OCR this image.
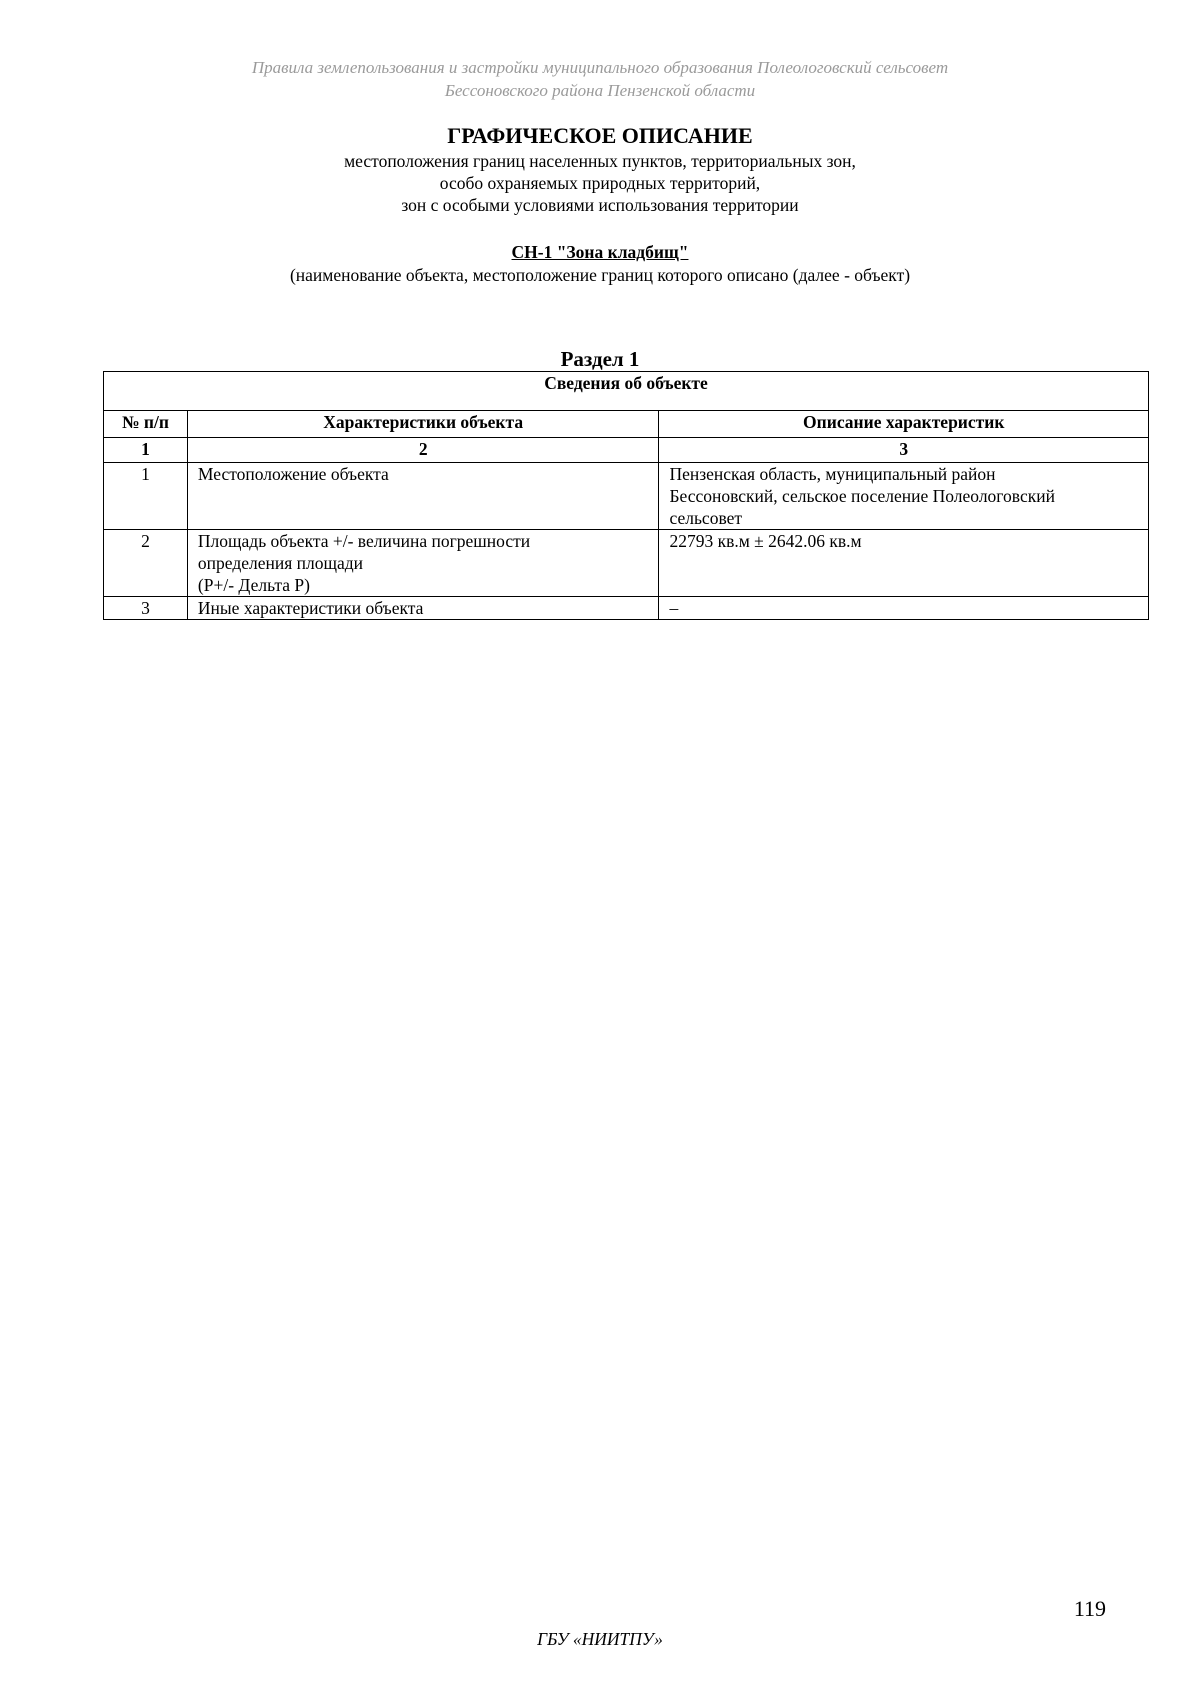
Правила землепользования и застройки муниципального образования Полеологовский сельсовет
Бессоновского района Пензенской области
ГРАФИЧЕСКОЕ ОПИСАНИЕ
местоположения границ населенных пунктов, территориальных зон,
особо охраняемых природных территорий,
зон с особыми условиями использования территории
СН-1 "Зона кладбищ"
(наименование объекта, местоположение границ которого описано (далее - объект)
Раздел 1
Сведения об объекте		
№ п/п	Характеристики объекта	Описание характеристик
1	2	3
1	Местоположение объекта	Пензенская область, муниципальный район
Бессоновский, сельское поселение Полеологовский
сельсовет

2	Площадь объекта +/- величина погрешности
определения площади
(Р+/- Дельта Р)	22793 кв.м ± 2642.06 кв.м

3	Иные характеристики объекта	–
119
ГБУ «НИИТПУ»
